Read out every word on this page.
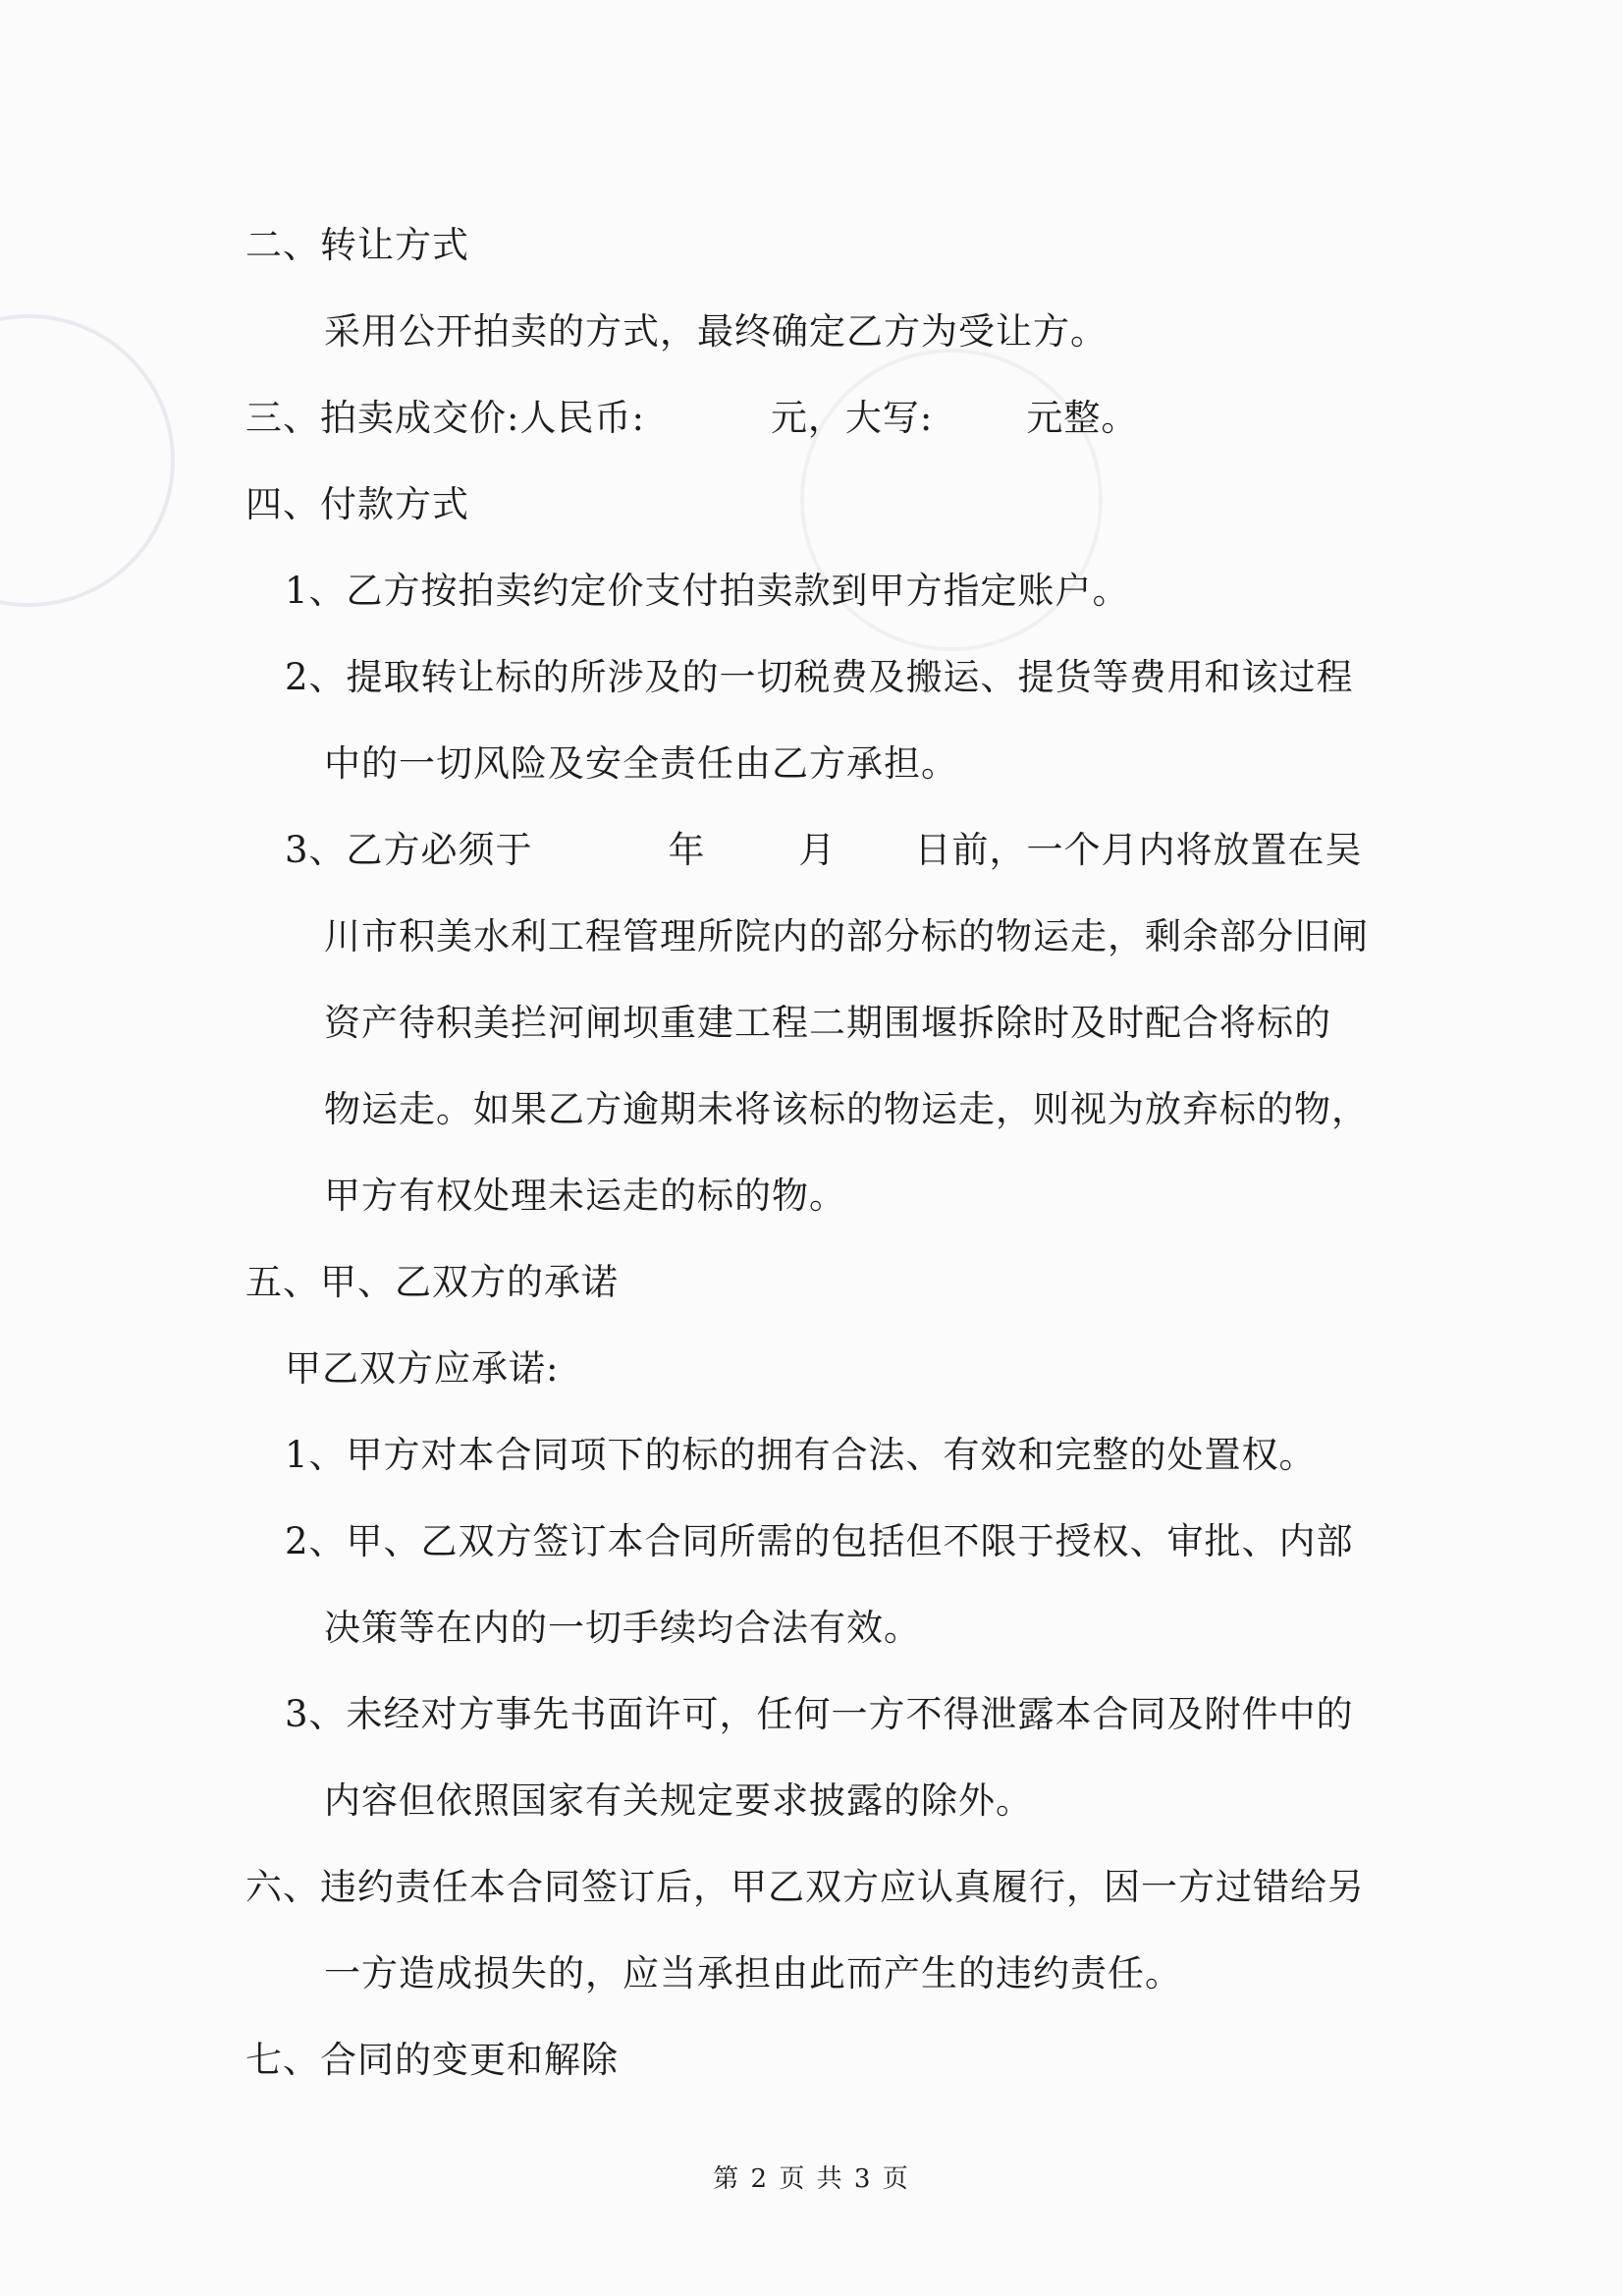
二、转让方式
采用公开拍卖的方式，最终确定乙方为受让方。
三、拍卖成交价:人民币:	元，大写:	元整。
四、付款方式
1、乙方按拍卖约定价支付拍卖款到甲方指定账户。
2、提取转让标的所涉及的一切税费及搬运、提货等费用和该过程
中的一切风险及安全责任由乙方承担。
3、乙方必须于	年	月 日前，一个月内将放置在吴
川市积美水利工程管理所院内的部分标的物运走，剩余部分旧闸
资产待积美拦河闸坝重建工程二期围堰拆除时及时配合将标的
物运走。如果乙方逾期未将该标的物运走，则视为放弃标的物，
甲方有权处理未运走的标的物。
五、甲、乙双方的承诺
甲乙双方应承诺:
1、甲方对本合同项下的标的拥有合法、有效和完整的处置权。
2、甲、乙双方签订本合同所需的包括但不限于授权、审批、内部
决策等在内的一切手续均合法有效。
3、未经对方事先书面许可，任何一方不得泄露本合同及附件中的
内容但依照国家有关规定要求披露的除外。
六、违约责任本合同签订后，甲乙双方应认真履行，因一方过错给另
一方造成损失的，应当承担由此而产生的违约责任。
七、合同的变更和解除
第 2 页 共 3 页
